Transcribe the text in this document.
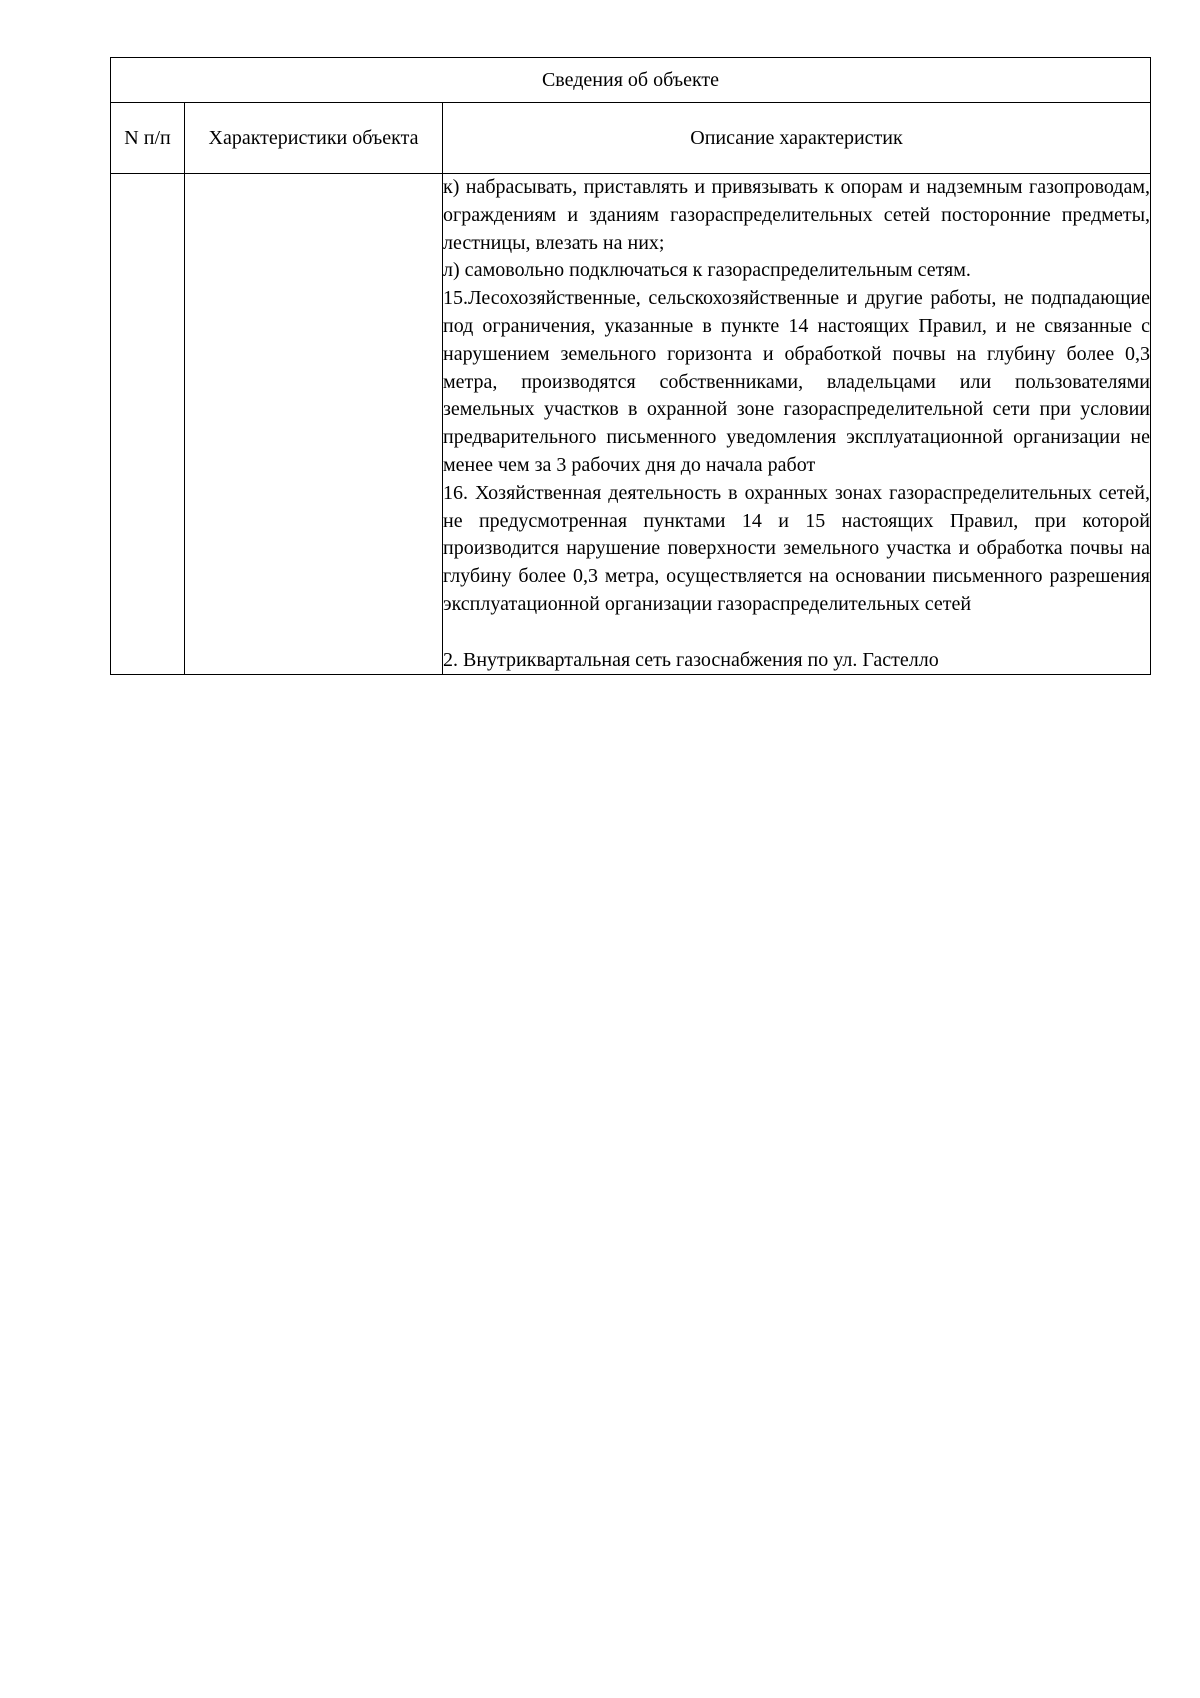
Сведения об объекте		
N п/п	Характеристики объекта	Описание характеристик

		к) набрасывать, приставлять и привязывать к опорам и надземным газопроводам, ограждениям и зданиям газораспределительных сетей посторонние предметы, лестницы, влезать на них;

л) самовольно подключаться к газораспределительным сетям.

15.Лесохозяйственные, сельскохозяйственные и другие работы, не подпадающие под ограничения, указанные в пункте 14 настоящих Правил, и не связанные с нарушением земельного горизонта и обработкой почвы на глубину более 0,3 метра, производятся собственниками, владельцами или пользователями земельных участков в охранной зоне газораспределительной сети при условии предварительного письменного уведомления эксплуатационной организации не менее чем за 3 рабочих дня до начала работ

16. Хозяйственная деятельность в охранных зонах газораспределительных сетей, не предусмотренная пунктами 14 и 15 настоящих Правил, при которой производится нарушение поверхности земельного участка и обработка почвы на глубину более 0,3 метра, осуществляется на основании письменного разрешения эксплуатационной организации газораспределительных сетей

2. Внутриквартальная сеть газоснабжения по ул. Гастелло
